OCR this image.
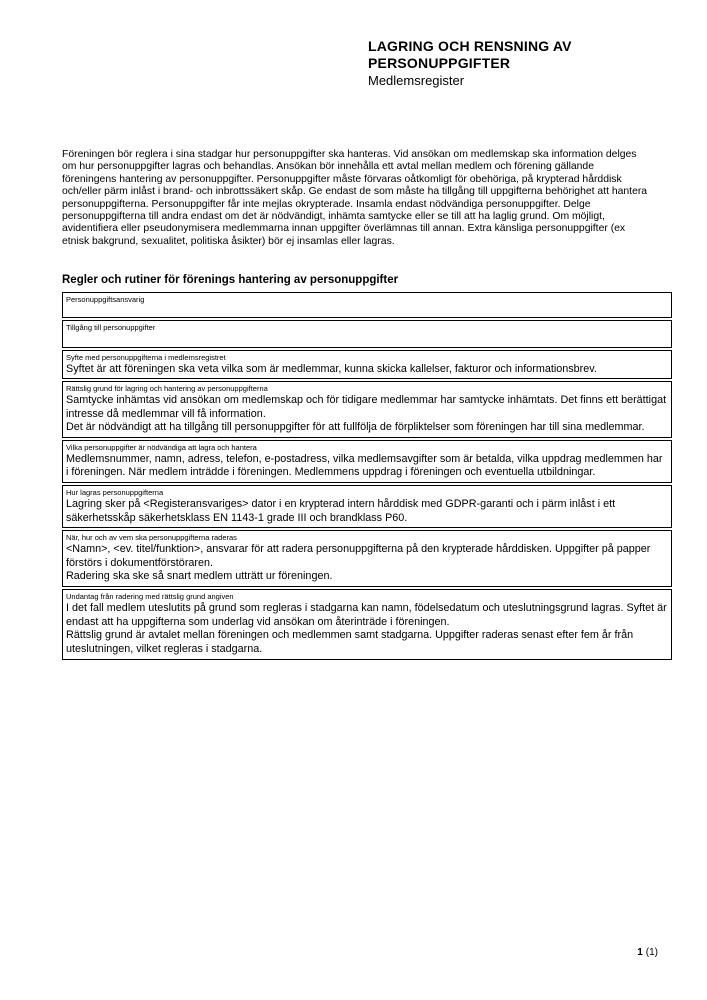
LAGRING OCH RENSNING AV
PERSONUPPGIFTER
Medlemsregister
Föreningen bör reglera i sina stadgar hur personuppgifter ska hanteras. Vid ansökan om medlemskap ska information delges om hur personuppgifter lagras och behandlas. Ansökan bör innehålla ett avtal mellan medlem och förening gällande föreningens hantering av personuppgifter. Personuppgifter måste förvaras oåtkomligt för obehöriga, på krypterad hårddisk och/eller pärm inlåst i brand- och inbrottssäkert skåp. Ge endast de som måste ha tillgång till uppgifterna behörighet att hantera personuppgifterna. Personuppgifter får inte mejlas okrypterade. Insamla endast nödvändiga personuppgifter. Delge personuppgifterna till andra endast om det är nödvändigt, inhämta samtycke eller se till att ha laglig grund. Om möjligt, avidentifiera eller pseudonymisera medlemmarna innan uppgifter överlämnas till annan. Extra känsliga personuppgifter (ex etnisk bakgrund, sexualitet, politiska åsikter) bör ej insamlas eller lagras.
Regler och rutiner för förenings hantering av personuppgifter
Personuppgiftsansvarig
Tillgång till personuppgifter
Syfte med personuppgifterna i medlemsregistret
Syftet är att föreningen ska veta vilka som är medlemmar, kunna skicka kallelser, fakturor och informationsbrev.
Rättslig grund för lagring och hantering av personuppgifterna
Samtycke inhämtas vid ansökan om medlemskap och för tidigare medlemmar har samtycke inhämtats. Det finns ett berättigat intresse då medlemmar vill få information.
Det är nödvändigt att ha tillgång till personuppgifter för att fullfölja de förpliktelser som föreningen har till sina medlemmar.
Vilka personuppgifter är nödvändiga att lagra och hantera
Medlemsnummer, namn, adress, telefon, e-postadress, vilka medlemsavgifter som är betalda, vilka uppdrag medlemmen har i föreningen. När medlem inträdde i föreningen. Medlemmens uppdrag i föreningen och eventuella utbildningar.
Hur lagras personuppgifterna
Lagring sker på <Registeransvariges> dator i en krypterad intern hårddisk med GDPR-garanti och i pärm inlåst i ett säkerhetsskåp säkerhetsklass EN 1143-1 grade III och brandklass P60.
När, hur och av vem ska personuppgifterna raderas
<Namn>, <ev. titel/funktion>, ansvarar för att radera personuppgifterna på den krypterade hårddisken. Uppgifter på papper förstörs i dokumentförstöraren.
Radering ska ske så snart medlem utträtt ur föreningen.
Undantag från radering med rättslig grund angiven
I det fall medlem uteslutits på grund som regleras i stadgarna kan namn, födelsedatum och uteslutningsgrund lagras. Syftet är endast att ha uppgifterna som underlag vid ansökan om återinträde i föreningen.
Rättslig grund är avtalet mellan föreningen och medlemmen samt stadgarna. Uppgifter raderas senast efter fem år från uteslutningen, vilket regleras i stadgarna.
1 (1)
